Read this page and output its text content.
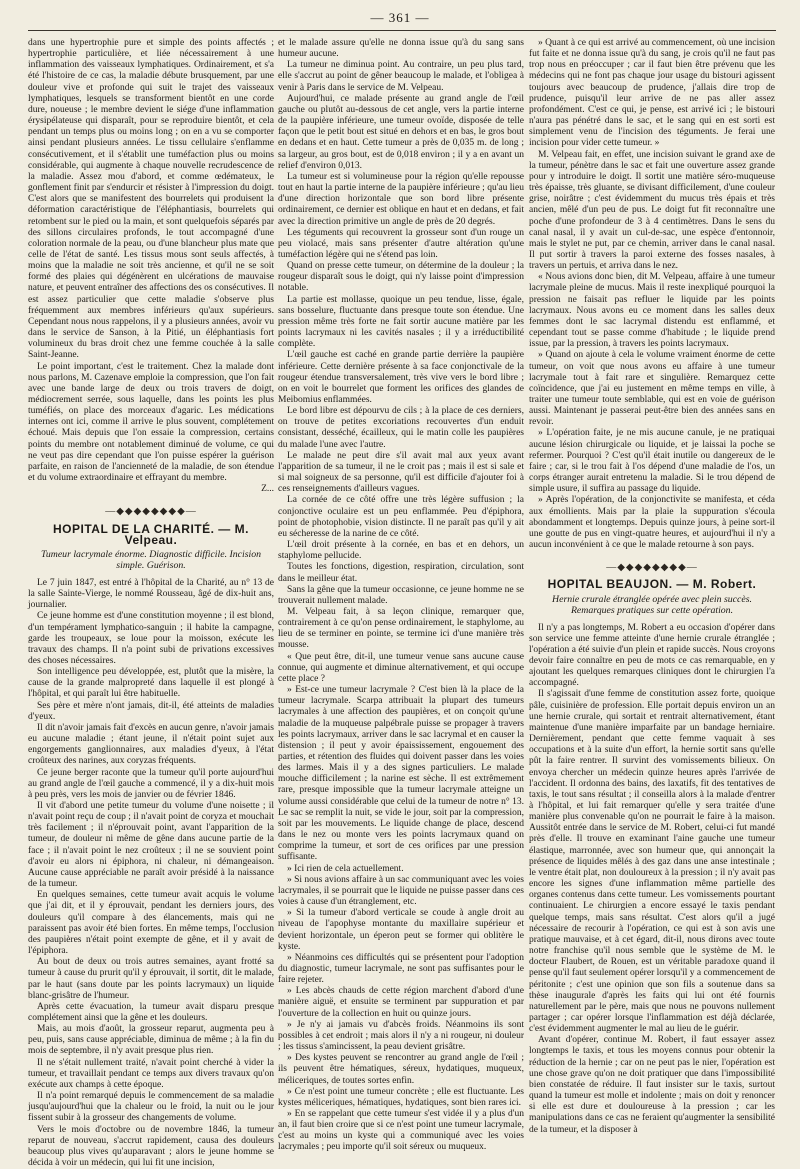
— 361 —

dans une hypertrophie pure et simple des points affectés ; hypertrophie particulière, et liée nécessairement à une inflammation des vaisseaux lymphatiques. Ordinairement, et s'a été l'histoire de ce cas, la maladie débute brusquement, par une douleur vive et profonde qui suit le trajet des vaisseaux lymphatiques, lesquels se transforment bientôt en une corde dure, noueuse ; le membre devient le siége d'une inflammation érysipélateuse qui disparaît, pour se reproduire bientôt, et cela pendant un temps plus ou moins long ; on en a vu se comporter ainsi pendant plusieurs années. Le tissu cellulaire s'enflamme consécutivement, et il s'établit une tuméfaction plus ou moins considérable, qui augmente à chaque nouvelle recrudescence de la maladie. Assez mou d'abord, et comme œdémateux, le gonflement finit par s'endurcir et résister à l'impression du doigt. C'est alors que se manifestent des bourrelets qui produisent la déformation caractéristique de l'éléphantiasis, bourrelets qui retombent sur le pied ou la main, et sont quelquefois séparés par des sillons circulaires profonds, le tout accompagné d'une coloration normale de la peau, ou d'une blancheur plus mate que celle de l'état de santé. Les tissus mous sont seuls affectés, à moins que la maladie ne soit très ancienne, et qu'il ne se soit formé des plaies qui dégénèrent en ulcérations de mauvaise nature, et peuvent entraîner des affections des os consécutives. Il est assez particulier que cette maladie s'observe plus fréquemment aux membres inférieurs qu'aux supérieurs. Cependant nous nous rappelons, il y a plusieurs années, avoir vu dans le service de Sanson, à la Pitié, un éléphantiasis fort volumineux du bras droit chez une femme couchée à la salle Saint-Jeanne.

Le point important, c'est le traitement. Chez la malade dont nous parlons, M. Cazenave emploie la compression, que l'on fait avec une bande large de deux ou trois travers de doigt, médiocrement serrée, sous laquelle, dans les points les plus tuméfiés, on place des morceaux d'agaric. Les médications internes ont ici, comme il arrive le plus souvent, complétement échoué. Mais depuis que l'on essaie la compression, certains points du membre ont notablement diminué de volume, ce qui ne veut pas dire cependant que l'on puisse espérer la guérison parfaite, en raison de l'ancienneté de la maladie, de son étendue et du volume extraordinaire et effrayant du membre.

Z...

—◆◆◆◆◆◆◆◆—
HOPITAL DE LA CHARITÉ. — M. Velpeau.
Tumeur lacrymale énorme. Diagnostic difficile. Incision simple. Guérison.

Le 7 juin 1847, est entré à l'hôpital de la Charité, au n° 13 de la salle Sainte-Vierge, le nommé Rousseau, âgé de dix-huit ans, journalier.

Ce jeune homme est d'une constitution moyenne ; il est blond, d'un tempérament lymphatico-sanguin ; il habite la campagne, garde les troupeaux, se loue pour la moisson, exécute les travaux des champs. Il n'a point subi de privations excessives des choses nécessaires.

Son intelligence peu développée, est, plutôt que la misère, la cause de la grande malpropreté dans laquelle il est plongé à l'hôpital, et qui paraît lui être habituelle.

Ses père et mère n'ont jamais, dit-il, été atteints de maladies d'yeux.

Il dit n'avoir jamais fait d'excès en aucun genre, n'avoir jamais eu aucune maladie ; étant jeune, il n'était point sujet aux engorgements ganglionnaires, aux maladies d'yeux, à l'état croûteux des narines, aux coryzas fréquents.

Ce jeune berger raconte que la tumeur qu'il porte aujourd'hui au grand angle de l'œil gauche a commencé, il y a dix-huit mois à peu près, vers les mois de janvier ou de février 1846.

Il vit d'abord une petite tumeur du volume d'une noisette ; il n'avait point reçu de coup ; il n'avait point de coryza et mouchait très facilement ; il n'éprouvait point, avant l'apparition de la tumeur, de douleur ni même de gêne dans aucune partie de la face ; il n'avait point le nez croûteux ; il ne se souvient point d'avoir eu alors ni épiphora, ni chaleur, ni démangeaison. Aucune cause appréciable ne paraît avoir présidé à la naissance de la tumeur.

En quelques semaines, cette tumeur avait acquis le volume que j'ai dit, et il y éprouvait, pendant les derniers jours, des douleurs qu'il compare à des élancements, mais qui ne paraissent pas avoir été bien fortes. En même temps, l'occlusion des paupières n'était point exempte de gêne, et il y avait de l'épiphora.

Au bout de deux ou trois autres semaines, ayant frotté sa tumeur à cause du prurit qu'il y éprouvait, il sortit, dit le malade, par le haut (sans doute par les points lacrymaux) un liquide blanc-grisâtre de l'humeur.

Après cette évacuation, la tumeur avait disparu presque complétement ainsi que la gêne et les douleurs.

Mais, au mois d'août, la grosseur reparut, augmenta peu à peu, puis, sans cause appréciable, diminua de même ; à la fin du mois de septembre, il n'y avait presque plus rien.

Il ne s'était nullement traité, n'avait point cherché à vider la tumeur, et travaillait pendant ce temps aux divers travaux qu'on exécute aux champs à cette époque.

Il n'a point remarqué depuis le commencement de sa maladie jusqu'aujourd'hui que la chaleur ou le froid, la nuit ou le jour fissent subir à la grosseur des changements de volume.

Vers le mois d'octobre ou de novembre 1846, la tumeur reparut de nouveau, s'accrut rapidement, causa des douleurs beaucoup plus vives qu'auparavant ; alors le jeune homme se décida à voir un médecin, qui lui fit une incision,

et le malade assure qu'elle ne donna issue qu'à du sang sans humeur aucune.

La tumeur ne diminua point. Au contraire, un peu plus tard, elle s'accrut au point de gêner beaucoup le malade, et l'obligea à venir à Paris dans le service de M. Velpeau.

Aujourd'hui, ce malade présente au grand angle de l'œil gauche ou plutôt au-dessous de cet angle, vers la partie interne de la paupière inférieure, une tumeur ovoïde, disposée de telle façon que le petit bout est situé en dehors et en bas, le gros bout en dedans et en haut. Cette tumeur a près de 0,035 m. de long ; sa largeur, au gros bout, est de 0,018 environ ; il y a en avant un relief d'environ 0,013.

La tumeur est si volumineuse pour la région qu'elle repousse tout en haut la partie interne de la paupière inférieure ; qu'au lieu d'une direction horizontale que son bord libre présente ordinairement, ce dernier est oblique en haut et en dedans, et fait avec la direction primitive un angle de près de 20 degrés.

Les téguments qui recouvrent la grosseur sont d'un rouge un peu violacé, mais sans présenter d'autre altération qu'une tuméfaction légère qui ne s'étend pas loin.

Quand on presse cette tumeur, on détermine de la douleur ; la rougeur disparaît sous le doigt, qui n'y laisse point d'impression notable.

La partie est mollasse, quoique un peu tendue, lisse, égale, sans bosselure, fluctuante dans presque toute son étendue. Une pression même très forte ne fait sortir aucune matière par les points lacrymaux ni les cavités nasales ; il y a irréductibilité complète.

L'œil gauche est caché en grande partie derrière la paupière inférieure. Cette dernière présente à sa face conjonctivale de la rougeur étendue transversalement, très vive vers le bord libre ; on en voit le bourrelet que forment les orifices des glandes de Meibomius enflammées.

Le bord libre est dépourvu de cils ; à la place de ces derniers, on trouve de petites excoriations recouvertes d'un enduit consistant, desséché, écailleux, qui le matin colle les paupières du malade l'une avec l'autre.

Le malade ne peut dire s'il avait mal aux yeux avant l'apparition de sa tumeur, il ne le croit pas ; mais il est si sale et si mal soigneux de sa personne, qu'il est difficile d'ajouter foi à ces renseignements d'ailleurs vagues.

La cornée de ce côté offre une très légère suffusion ; la conjonctive oculaire est un peu enflammée. Peu d'épiphora, point de photophobie, vision distincte. Il ne paraît pas qu'il y ait eu sécheresse de la narine de ce côté.

L'œil droit présente à la cornée, en bas et en dehors, un staphylome pellucide.

Toutes les fonctions, digestion, respiration, circulation, sont dans le meilleur état.

Sans la gêne que la tumeur occasionne, ce jeune homme ne se trouverait nullement malade.

M. Velpeau fait, à sa leçon clinique, remarquer que, contrairement à ce qu'on pense ordinairement, le staphylome, au lieu de se terminer en pointe, se termine ici d'une manière très mousse.

« Que peut être, dit-il, une tumeur venue sans aucune cause connue, qui augmente et diminue alternativement, et qui occupe cette place ?

» Est-ce une tumeur lacrymale ? C'est bien là la place de la tumeur lacrymale. Scarpa attribuait la plupart des tumeurs lacrymales à une affection des paupières, et on conçoit qu'une maladie de la muqueuse palpébrale puisse se propager à travers les points lacrymaux, arriver dans le sac lacrymal et en causer la distension ; il peut y avoir épaississement, engouement des parties, et rétention des fluides qui doivent passer dans les voies des larmes. Mais il y a des signes particuliers. Le malade mouche difficilement ; la narine est sèche. Il est extrêmement rare, presque impossible que la tumeur lacrymale atteigne un volume aussi considérable que celui de la tumeur de notre n° 13. Le sac se remplit la nuit, se vide le jour, soit par la compression, soit par les mouvements. Le liquide change de place, descend dans le nez ou monte vers les points lacrymaux quand on comprime la tumeur, et sort de ces orifices par une pression suffisante.

» Ici rien de cela actuellement.

» Si nous avions affaire à un sac communiquant avec les voies lacrymales, il se pourrait que le liquide ne puisse passer dans ces voies à cause d'un étranglement, etc.

» Si la tumeur d'abord verticale se coude à angle droit au niveau de l'apophyse montante du maxillaire supérieur et devient horizontale, un éperon peut se former qui oblitère le kyste.

» Néanmoins ces difficultés qui se présentent pour l'adoption du diagnostic, tumeur lacrymale, ne sont pas suffisantes pour le faire rejeter.

» Les abcès chauds de cette région marchent d'abord d'une manière aiguë, et ensuite se terminent par suppuration et par l'ouverture de la collection en huit ou quinze jours.

» Je n'y ai jamais vu d'abcès froids. Néanmoins ils sont possibles à cet endroit ; mais alors il n'y a ni rougeur, ni douleur ; les tissus s'amincissent, la peau devient grisâtre.

» Des kystes peuvent se rencontrer au grand angle de l'œil ; ils peuvent être hématiques, séreux, hydatiques, muqueux, méliceriques, de toutes sortes enfin.

» Ce n'est point une tumeur concrète ; elle est fluctuante. Les kystes méliceriques, hématiques, hydatiques, sont bien rares ici.

» En se rappelant que cette tumeur s'est vidée il y a plus d'un an, il faut bien croire que si ce n'est point une tumeur lacrymale, c'est au moins un kyste qui a communiqué avec les voies lacrymales ; peu importe qu'il soit séreux ou muqueux.

» Quant à ce qui est arrivé au commencement, où une incision fut faite et ne donna issue qu'à du sang, je crois qu'il ne faut pas trop nous en préoccuper ; car il faut bien être prévenu que les médecins qui ne font pas chaque jour usage du bistouri agissent toujours avec beaucoup de prudence, j'allais dire trop de prudence, puisqu'il leur arrive de ne pas aller assez profondément. C'est ce qui, je pense, est arrivé ici ; le bistouri n'aura pas pénétré dans le sac, et le sang qui en est sorti est simplement venu de l'incision des téguments. Je ferai une incision pour vider cette tumeur. »

M. Velpeau fait, en effet, une incision suivant le grand axe de la tumeur, pénètre dans le sac et fait une ouverture assez grande pour y introduire le doigt. Il sortit une matière séro-muqueuse très épaisse, très gluante, se divisant difficilement, d'une couleur grise, noirâtre ; c'est évidemment du mucus très épais et très ancien, mêlé d'un peu de pus. Le doigt fut fit reconnaître une poche d'une profondeur de 3 à 4 centimètres. Dans le sens du canal nasal, il y avait un cul-de-sac, une espèce d'entonnoir, mais le stylet ne put, par ce chemin, arriver dans le canal nasal. Il put sortir à travers la paroi externe des fosses nasales, à travers un pertuis, et arriva dans le nez.

« Nous avions donc bien, dit M. Velpeau, affaire à une tumeur lacrymale pleine de mucus. Mais il reste inexpliqué pourquoi la pression ne faisait pas refluer le liquide par les points lacrymaux. Nous avons eu ce moment dans les salles deux femmes dont le sac lacrymal distendu est enflammé, et cependant tout se passe comme d'habitude ; le liquide prend issue, par la pression, à travers les points lacrymaux.

» Quand on ajoute à cela le volume vraiment énorme de cette tumeur, on voit que nous avons eu affaire à une tumeur lacrymale tout à fait rare et singulière. Remarquez cette coïncidence, que j'ai eu justement en même temps en ville, à traiter une tumeur toute semblable, qui est en voie de guérison aussi. Maintenant je passerai peut-être bien des années sans en revoir.

» L'opération faite, je ne mis aucune canule, je ne pratiquai aucune lésion chirurgicale ou liquide, et je laissai la poche se refermer. Pourquoi ? C'est qu'il était inutile ou dangereux de le faire ; car, si le trou fait à l'os dépend d'une maladie de l'os, un corps étranger aurait entretenu la maladie. Si le trou dépend de simple usure, il suffira au passage du liquide.

» Après l'opération, de la conjonctivite se manifesta, et céda aux émollients. Mais par la plaie la suppuration s'écoula abondamment et longtemps. Depuis quinze jours, à peine sort-il une goutte de pus en vingt-quatre heures, et aujourd'hui il n'y a aucun inconvénient à ce que le malade retourne à son pays.

—◆◆◆◆◆◆◆◆—
HOPITAL BEAUJON. — M. Robert.
Hernie crurale étranglée opérée avec plein succès. Remarques pratiques sur cette opération.

Il n'y a pas longtemps, M. Robert a eu occasion d'opérer dans son service une femme atteinte d'une hernie crurale étranglée ; l'opération a été suivie d'un plein et rapide succès. Nous croyons devoir faire connaître en peu de mots ce cas remarquable, en y ajoutant les quelques remarques cliniques dont le chirurgien l'a accompagné.

Il s'agissait d'une femme de constitution assez forte, quoique pâle, cuisinière de profession. Elle portait depuis environ un an une hernie crurale, qui sortait et rentrait alternativement, étant maintenue d'une manière imparfaite par un bandage herniaire. Dernièrement, pendant que cette femme vaquait à ses occupations et à la suite d'un effort, la hernie sortit sans qu'elle pût la faire rentrer. Il survint des vomissements bilieux. On envoya chercher un médecin quinze heures après l'arrivée de l'accident. Il ordonna des bains, des laxatifs, fit des tentatives de taxis, le tout sans résultat ; il conseilla alors à la malade d'entrer à l'hôpital, et lui fait remarquer qu'elle y sera traitée d'une manière plus convenable qu'on ne pourrait le faire à la maison. Aussitôt entrée dans le service de M. Robert, celui-ci fut mandé près d'elle. Il trouve en examinant l'aine gauche une tumeur élastique, marronnée, avec son humeur que, qui annonçait la présence de liquides mêlés à des gaz dans une anse intestinale ; le ventre était plat, non douloureux à la pression ; il n'y avait pas encore les signes d'une inflammation même partielle des organes contenus dans cette tumeur. Les vomissements pourtant continuaient. Le chirurgien a encore essayé le taxis pendant quelque temps, mais sans résultat. C'est alors qu'il a jugé nécessaire de recourir à l'opération, ce qui est à son avis une pratique mauvaise, et à cet égard, dit-il, nous dirons avec toute notre franchise qu'il nous semble que le système de M. le docteur Flaubert, de Rouen, est un véritable paradoxe quand il pense qu'il faut seulement opérer lorsqu'il y a commencement de péritonite ; c'est une opinion que son fils a soutenue dans sa thèse inaugurale d'après les faits qui lui ont été fournis naturellement par le père, mais que nous ne pouvons nullement partager ; car opérer lorsque l'inflammation est déjà déclarée, c'est évidemment augmenter le mal au lieu de le guérir.

Avant d'opérer, continue M. Robert, il faut essayer assez longtemps le taxis, et tous les moyens connus pour obtenir la réduction de la hernie ; car on ne peut pas le nier, l'opération est une chose grave qu'on ne doit pratiquer que dans l'impossibilité bien constatée de réduire. Il faut insister sur le taxis, surtout quand la tumeur est molle et indolente ; mais on doit y renoncer si elle est dure et douloureuse à la pression ; car les manipulations dans ce cas ne feraient qu'augmenter la sensibilité de la tumeur, et la disposer à
